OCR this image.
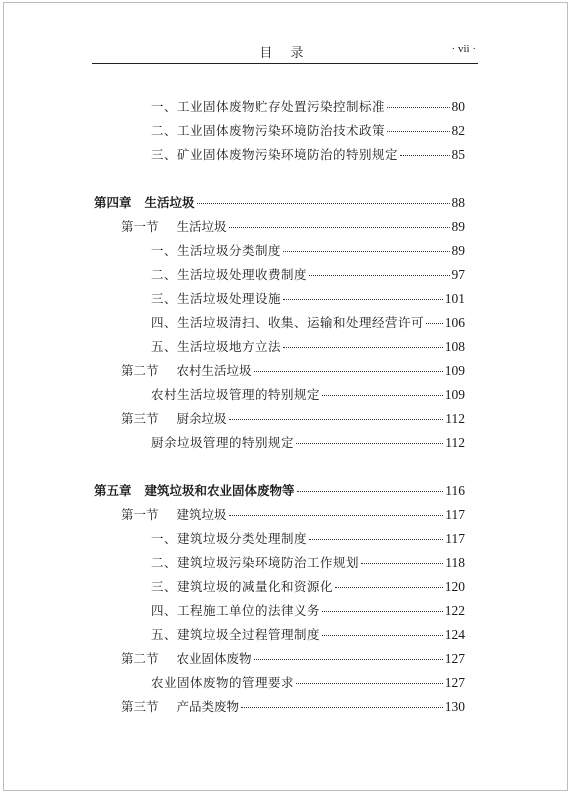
目 录	· vii ·
一、工业固体废物贮存处置污染控制标准	80
二、工业固体废物污染环境防治技术政策	82
三、矿业固体废物污染环境防治的特别规定	85
第四章 生活垃圾	88
第一节 生活垃圾	89
一、生活垃圾分类制度	89
二、生活垃圾处理收费制度	97
三、生活垃圾处理设施	101
四、生活垃圾清扫、收集、运输和处理经营许可 106
五、生活垃圾地方立法	108
第二节 农村生活垃圾	109
农村生活垃圾管理的特别规定	109
第三节 厨余垃圾	112
厨余垃圾管理的特别规定	112
第五章 建筑垃圾和农业固体废物等	116
第一节 建筑垃圾	117
一、建筑垃圾分类处理制度	117
二、建筑垃圾污染环境防治工作规划	118
三、建筑垃圾的减量化和资源化	120
四、工程施工单位的法律义务	122
五、建筑垃圾全过程管理制度	124
第二节 农业固体废物	127
农业固体废物的管理要求	127
第三节 产品类废物	130
